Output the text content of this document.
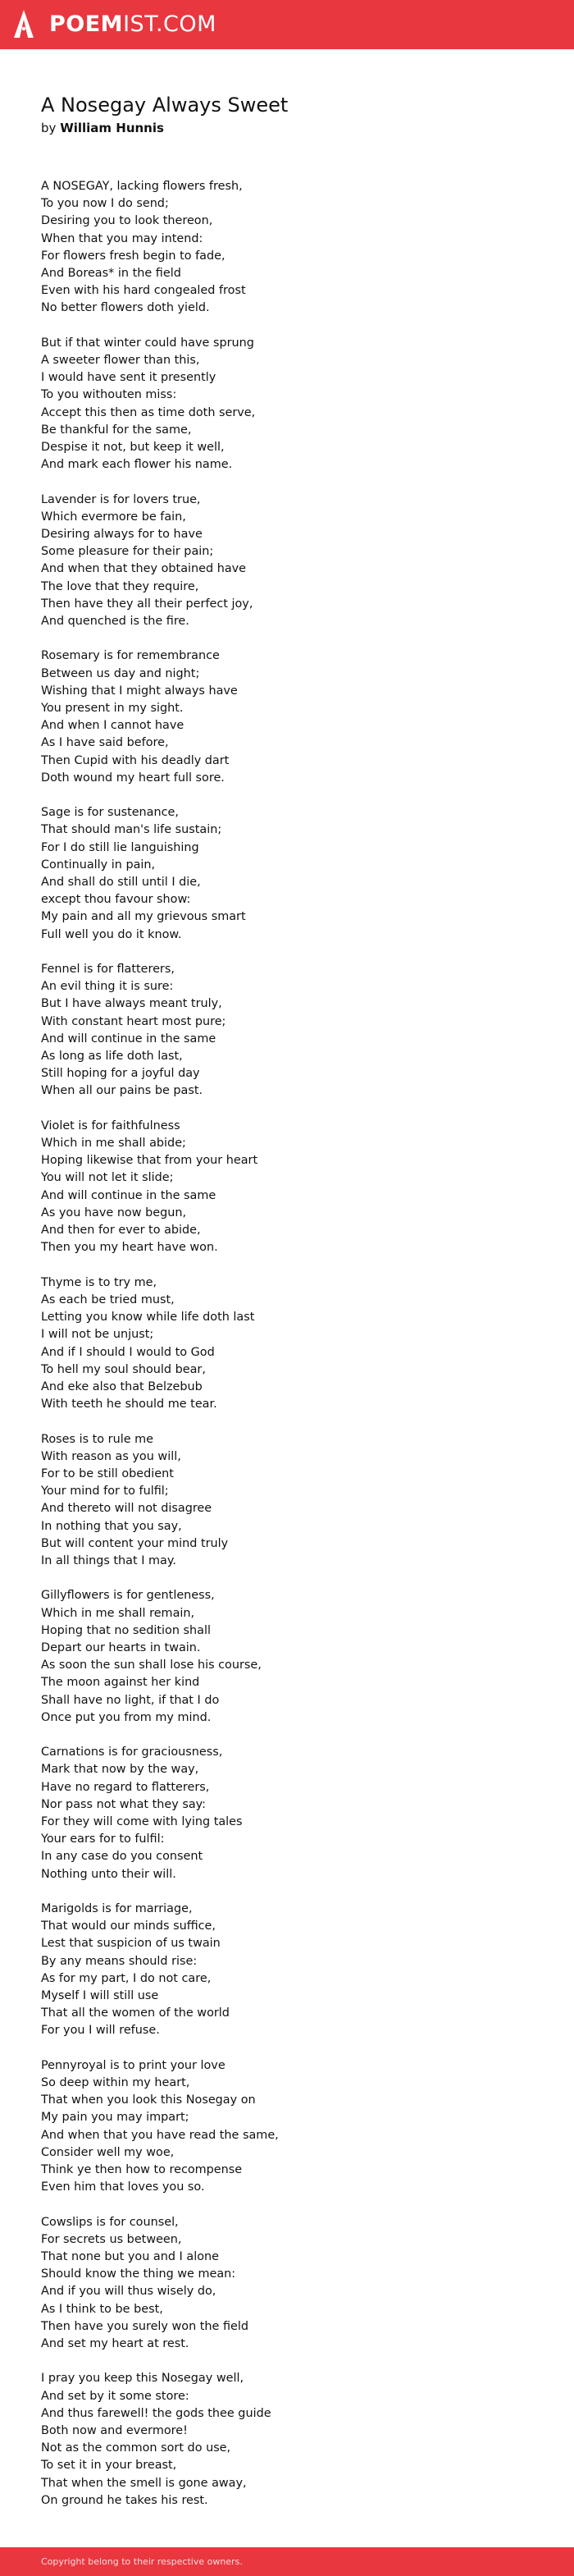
POEMIST.COM
A Nosegay Always Sweet
by William Hunnis
A NOSEGAY, lacking flowers fresh,
To you now I do send;
Desiring you to look thereon,
When that you may intend:
For flowers fresh begin to fade,
And Boreas* in the field
Even with his hard congealed frost
No better flowers doth yield.
But if that winter could have sprung
A sweeter flower than this,
I would have sent it presently
To you withouten miss:
Accept this then as time doth serve,
Be thankful for the same,
Despise it not, but keep it well,
And mark each flower his name.
Lavender is for lovers true,
Which evermore be fain,
Desiring always for to have
Some pleasure for their pain;
And when that they obtained have
The love that they require,
Then have they all their perfect joy,
And quenched is the fire.
Rosemary is for remembrance
Between us day and night;
Wishing that I might always have
You present in my sight.
And when I cannot have
As I have said before,
Then Cupid with his deadly dart
Doth wound my heart full sore.
Sage is for sustenance,
That should man's life sustain;
For I do still lie languishing
Continually in pain,
And shall do still until I die,
except thou favour show:
My pain and all my grievous smart
Full well you do it know.
Fennel is for flatterers,
An evil thing it is sure:
But I have always meant truly,
With constant heart most pure;
And will continue in the same
As long as life doth last,
Still hoping for a joyful day
When all our pains be past.
Violet is for faithfulness
Which in me shall abide;
Hoping likewise that from your heart
You will not let it slide;
And will continue in the same
As you have now begun,
And then for ever to abide,
Then you my heart have won.
Thyme is to try me,
As each be tried must,
Letting you know while life doth last
I will not be unjust;
And if I should I would to God
To hell my soul should bear,
And eke also that Belzebub
With teeth he should me tear.
Roses is to rule me
With reason as you will,
For to be still obedient
Your mind for to fulfil;
And thereto will not disagree
In nothing that you say,
But will content your mind truly
In all things that I may.
Gillyflowers is for gentleness,
Which in me shall remain,
Hoping that no sedition shall
Depart our hearts in twain.
As soon the sun shall lose his course,
The moon against her kind
Shall have no light, if that I do
Once put you from my mind.
Carnations is for graciousness,
Mark that now by the way,
Have no regard to flatterers,
Nor pass not what they say:
For they will come with lying tales
Your ears for to fulfil:
In any case do you consent
Nothing unto their will.
Marigolds is for marriage,
That would our minds suffice,
Lest that suspicion of us twain
By any means should rise:
As for my part, I do not care,
Myself I will still use
That all the women of the world
For you I will refuse.
Pennyroyal is to print your love
So deep within my heart,
That when you look this Nosegay on
My pain you may impart;
And when that you have read the same,
Consider well my woe,
Think ye then how to recompense
Even him that loves you so.
Cowslips is for counsel,
For secrets us between,
That none but you and I alone
Should know the thing we mean:
And if you will thus wisely do,
As I think to be best,
Then have you surely won the field
And set my heart at rest.
I pray you keep this Nosegay well,
And set by it some store:
And thus farewell! the gods thee guide
Both now and evermore!
Not as the common sort do use,
To set it in your breast,
That when the smell is gone away,
On ground he takes his rest.
Copyright belong to their respective owners.
